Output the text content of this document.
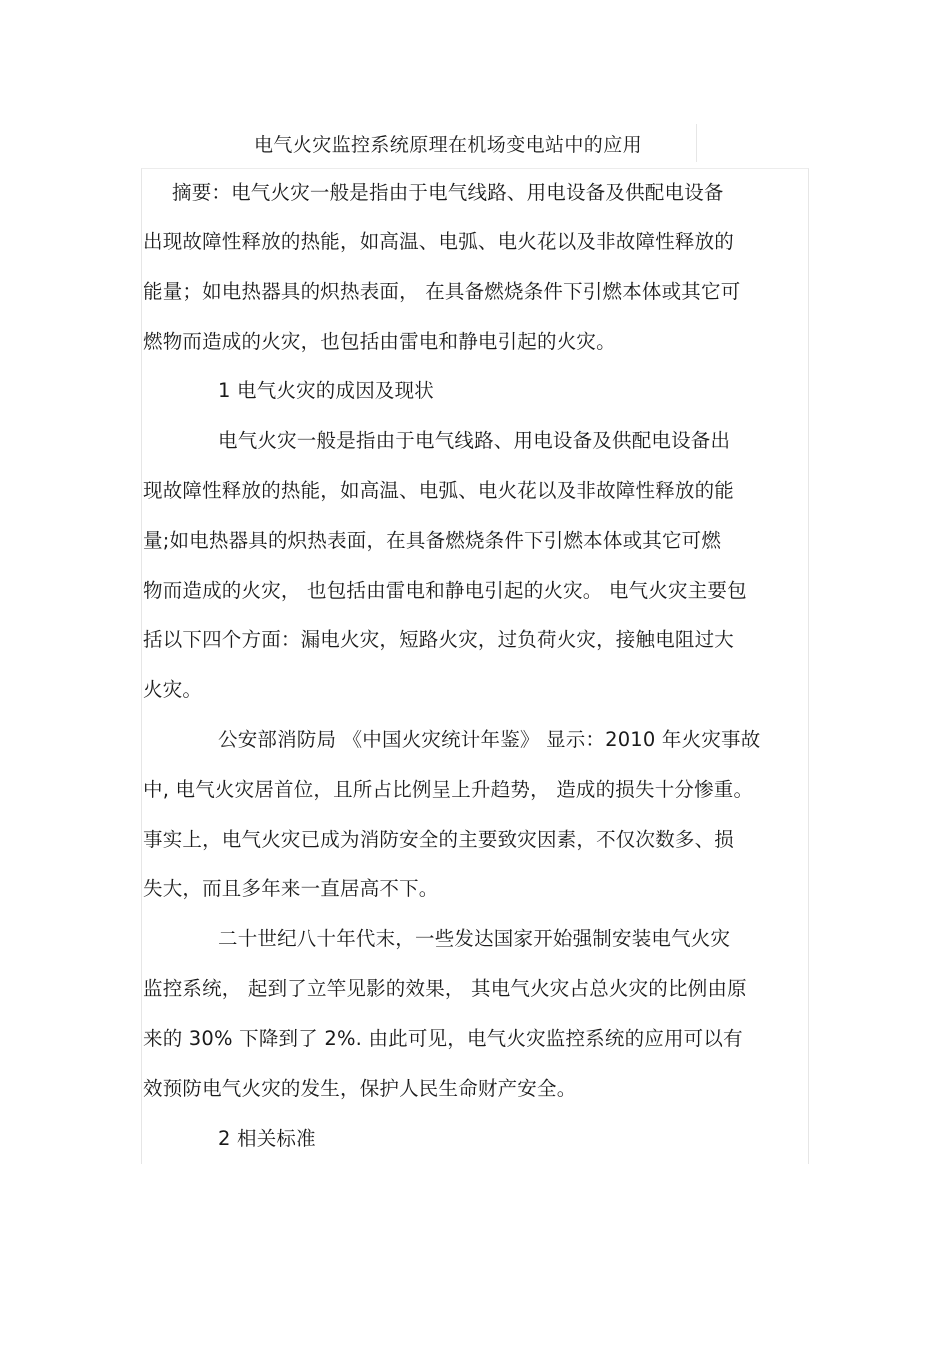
电气火灾监控系统原理在机场变电站中的应用
摘要：电气火灾一般是指由于电气线路、用电设备及供配电设备
出现故障性释放的热能，如高温、电弧、电火花以及非故障性释放的
能量；如电热器具的炽热表面， 在具备燃烧条件下引燃本体或其它可
燃物而造成的火灾，也包括由雷电和静电引起的火灾。
1 电气火灾的成因及现状
电气火灾一般是指由于电气线路、用电设备及供配电设备出
现故障性释放的热能，如高温、电弧、电火花以及非故障性释放的能
量;如电热器具的炽热表面，在具备燃烧条件下引燃本体或其它可燃
物而造成的火灾， 也包括由雷电和静电引起的火灾。 电气火灾主要包
括以下四个方面：漏电火灾，短路火灾，过负荷火灾，接触电阻过大
火灾。
公安部消防局 《中国火灾统计年鉴》 显示：2010 年火灾事故
中, 电气火灾居首位，且所占比例呈上升趋势， 造成的损失十分惨重。
事实上，电气火灾已成为消防安全的主要致灾因素，不仅次数多、损
失大，而且多年来一直居高不下。
二十世纪八十年代末，一些发达国家开始强制安装电气火灾
监控系统， 起到了立竿见影的效果， 其电气火灾占总火灾的比例由原
来的 30% 下降到了 2%. 由此可见，电气火灾监控系统的应用可以有
效预防电气火灾的发生，保护人民生命财产安全。
2 相关标准
